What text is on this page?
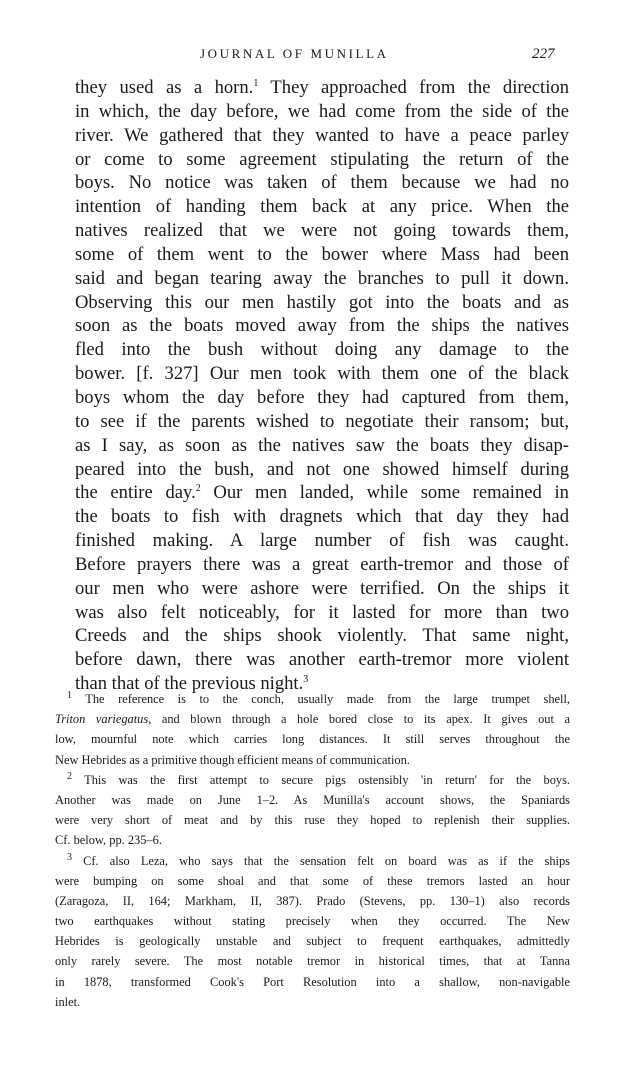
JOURNAL OF MUNILLA	227
they used as a horn.$^1$ They approached from the direction
in which, the day before, we had come from the side of the
river. We gathered that they wanted to have a peace parley
or come to some agreement stipulating the return of the
boys. No notice was taken of them because we had no
intention of handing them back at any price. When the
natives realized that we were not going towards them,
some of them went to the bower where Mass had been
said and began tearing away the branches to pull it down.
Observing this our men hastily got into the boats and as
soon as the boats moved away from the ships the natives
fled into the bush without doing any damage to the
bower. [f. 327] Our men took with them one of the black
boys whom the day before they had captured from them,
to see if the parents wished to negotiate their ransom; but,
as I say, as soon as the natives saw the boats they disap-
peared into the bush, and not one showed himself during
the entire day.$^2$ Our men landed, while some remained in
the boats to fish with dragnets which that day they had
finished making. A large number of fish was caught.
Before prayers there was a great earth-tremor and those of
our men who were ashore were terrified. On the ships it
was also felt noticeably, for it lasted for more than two
Creeds and the ships shook violently. That same night,
before dawn, there was another earth-tremor more violent
than that of the previous night.$^3$
$^1$ The reference is to the conch, usually made from the large trumpet shell,
Triton variegatus, and blown through a hole bored close to its apex. It gives out a
low, mournful note which carries long distances. It still serves throughout the
New Hebrides as a primitive though efficient means of communication.
$^2$ This was the first attempt to secure pigs ostensibly 'in return' for the boys.
Another was made on June 1–2. As Munilla's account shows, the Spaniards
were very short of meat and by this ruse they hoped to replenish their supplies.
Cf. below, pp. 235–6.
$^3$ Cf. also Leza, who says that the sensation felt on board was as if the ships
were bumping on some shoal and that some of these tremors lasted an hour
(Zaragoza, II, 164; Markham, II, 387). Prado (Stevens, pp. 130–1) also records
two earthquakes without stating precisely when they occurred. The New
Hebrides is geologically unstable and subject to frequent earthquakes, admittedly
only rarely severe. The most notable tremor in historical times, that at Tanna
in 1878, transformed Cook's Port Resolution into a shallow, non-navigable
inlet.
